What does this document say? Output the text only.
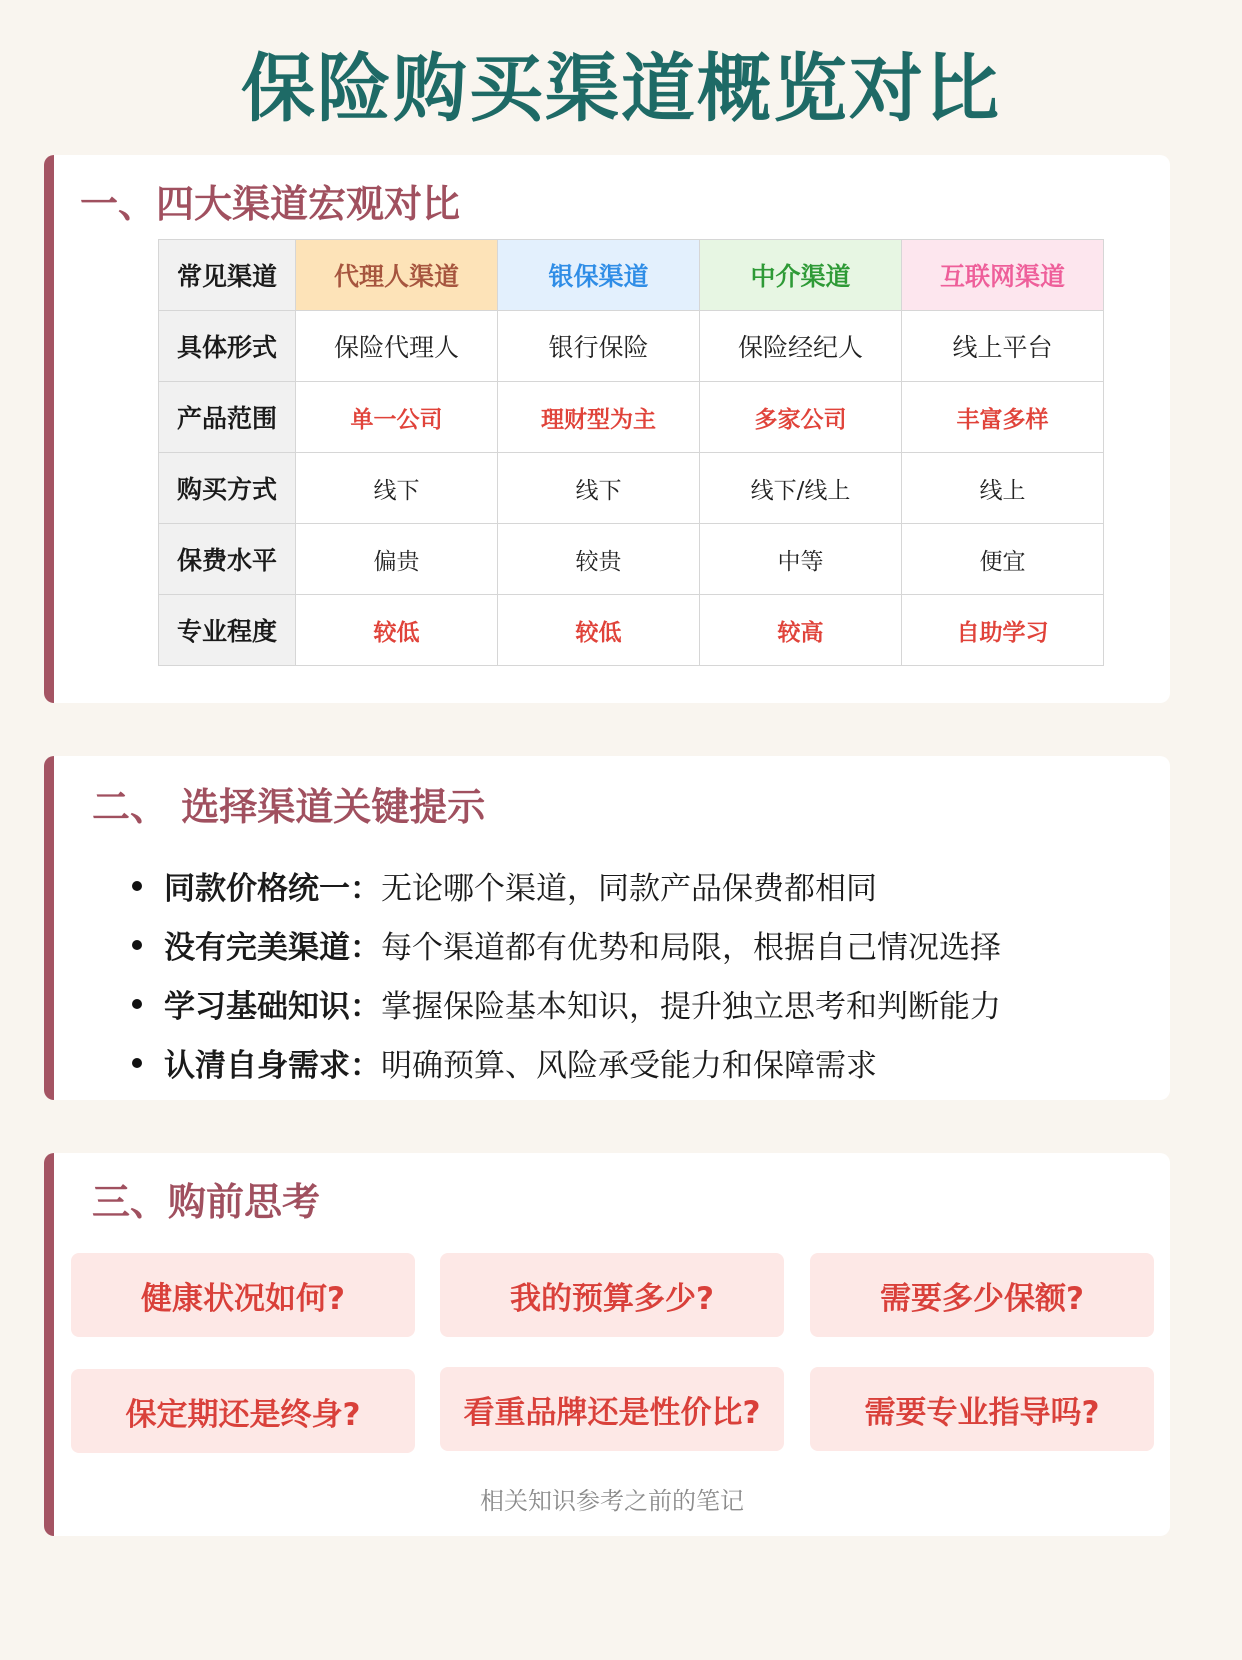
保险购买渠道概览对比
一、四大渠道宏观对比
常见渠道	代理人渠道	银保渠道	中介渠道	互联网渠道
具体形式	保险代理人	银行保险	保险经纪人	线上平台
产品范围	单一公司	理财型为主	多家公司	丰富多样
购买方式	线下	线下	线下/线上	线上
保费水平	偏贵	较贵	中等	便宜
专业程度	较低	较低	较高	自助学习
二、 选择渠道关键提示
同款价格统一： 无论哪个渠道，同款产品保费都相同
没有完美渠道： 每个渠道都有优势和局限，根据自己情况选择
学习基础知识： 掌握保险基本知识，提升独立思考和判断能力
认清自身需求： 明确预算、风险承受能力和保障需求
三、购前思考
健康状况如何?	我的预算多少?	需要多少保额?
保定期还是终身?	看重品牌还是性价比?	需要专业指导吗?
相关知识参考之前的笔记
